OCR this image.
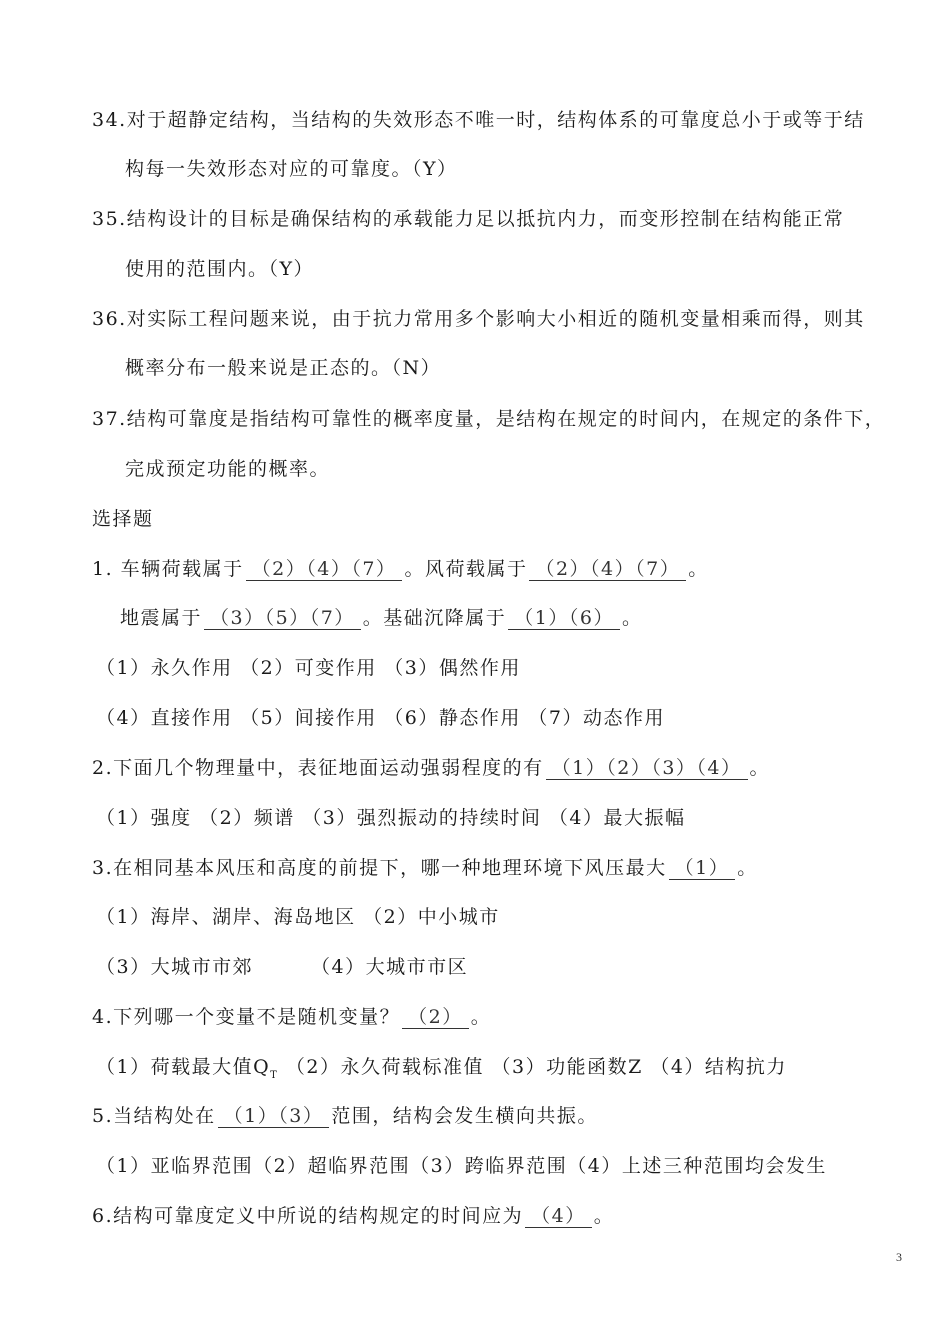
34.对于超静定结构，当结构的失效形态不唯一时，结构体系的可靠度总小于或等于结
构每一失效形态对应的可靠度。（Y）
35.结构设计的目标是确保结构的承载能力足以抵抗内力，而变形控制在结构能正常
使用的范围内。（Y）
36.对实际工程问题来说，由于抗力常用多个影响大小相近的随机变量相乘而得，则其
概率分布一般来说是正态的。（N）
37.结构可靠度是指结构可靠性的概率度量，是结构在规定的时间内，在规定的条件下，
完成预定功能的概率。
选择题
1. 车辆荷载属于 （2）（4）（7） 。风荷载属于 （2）（4）（7） 。
地震属于 （3）（5）（7） 。基础沉降属于 （1）（6） 。
（1）永久作用 （2）可变作用 （3）偶然作用
（4）直接作用 （5）间接作用 （6）静态作用 （7）动态作用
2.下面几个物理量中，表征地面运动强弱程度的有 （1）（2）（3）（4） 。
（1）强度 （2）频谱 （3）强烈振动的持续时间 （4）最大振幅
3.在相同基本风压和高度的前提下，哪一种地理环境下风压最大 （1） 。
（1）海岸、湖岸、海岛地区 （2）中小城市
（3）大城市市郊	（4）大城市市区
4.下列哪一个变量不是随机变量？ （2） 。
（1）荷载最大值$Q_T$ （2）永久荷载标准值 （3）功能函数Z （4）结构抗力
5.当结构处在 （1）（3） 范围，结构会发生横向共振。
（1）亚临界范围（2）超临界范围（3）跨临界范围（4）上述三种范围均会发生
6.结构可靠度定义中所说的结构规定的时间应为 （4） 。
3
